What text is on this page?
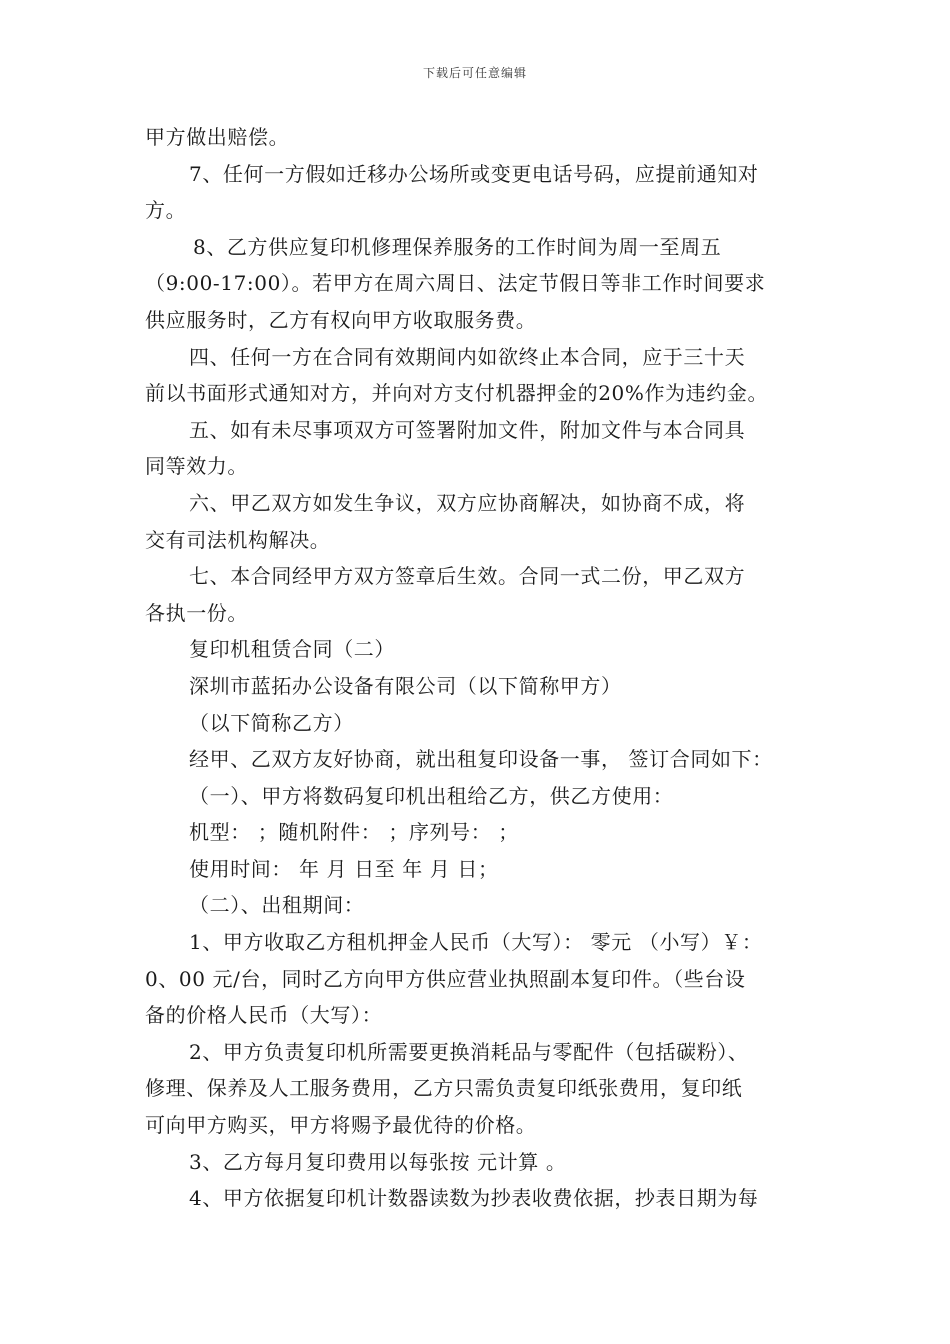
下载后可任意编辑
甲方做出赔偿。
7、任何一方假如迁移办公场所或变更电话号码，应提前通知对
方。
8、乙方供应复印机修理保养服务的工作时间为周一至周五
（9:00-17:00）。若甲方在周六周日、法定节假日等非工作时间要求
供应服务时，乙方有权向甲方收取服务费。
四、任何一方在合同有效期间内如欲终止本合同，应于三十天
前以书面形式通知对方，并向对方支付机器押金的20%作为违约金。
五、如有未尽事项双方可签署附加文件，附加文件与本合同具
同等效力。
六、甲乙双方如发生争议，双方应协商解决，如协商不成，将
交有司法机构解决。
七、本合同经甲方双方签章后生效。合同一式二份，甲乙双方
各执一份。
复印机租赁合同（二）
深圳市蓝拓办公设备有限公司（以下简称甲方）
（以下简称乙方）
经甲、乙双方友好协商，就出租复印设备一事， 签订合同如下：
（一）、甲方将数码复印机出租给乙方，供乙方使用：
机型： ；随机附件： ；序列号： ；
使用时间： 年 月 日至 年 月 日；
（二）、出租期间：
1、甲方收取乙方租机押金人民币（大写）： 零元 （小写）￥：
0、00 元/台，同时乙方向甲方供应营业执照副本复印件。（些台设
备的价格人民币（大写）：
2、甲方负责复印机所需要更换消耗品与零配件（包括碳粉）、
修理、保养及人工服务费用，乙方只需负责复印纸张费用，复印纸
可向甲方购买，甲方将赐予最优待的价格。
3、乙方每月复印费用以每张按 元计算 。
4、甲方依据复印机计数器读数为抄表收费依据，抄表日期为每
